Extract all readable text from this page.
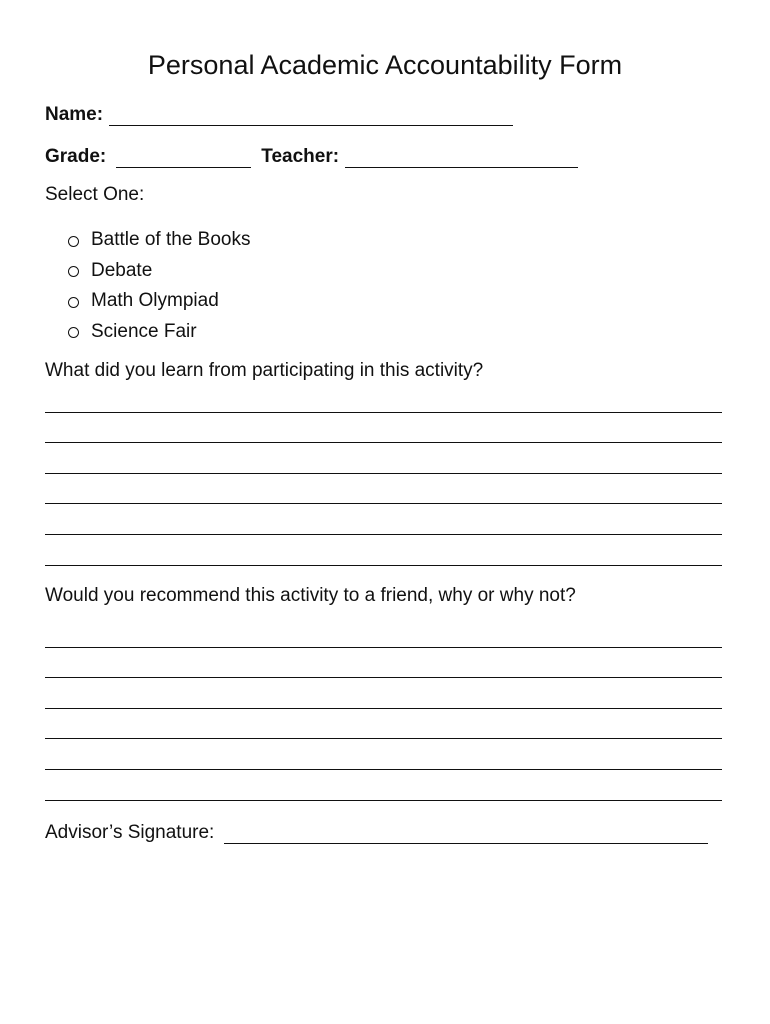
Personal Academic Accountability Form
Name:
Grade:	Teacher:
Select One:
Battle of the Books
Debate
Math Olympiad
Science Fair
What did you learn from participating in this activity?
Would you recommend this activity to a friend, why or why not?
Advisor’s Signature:
